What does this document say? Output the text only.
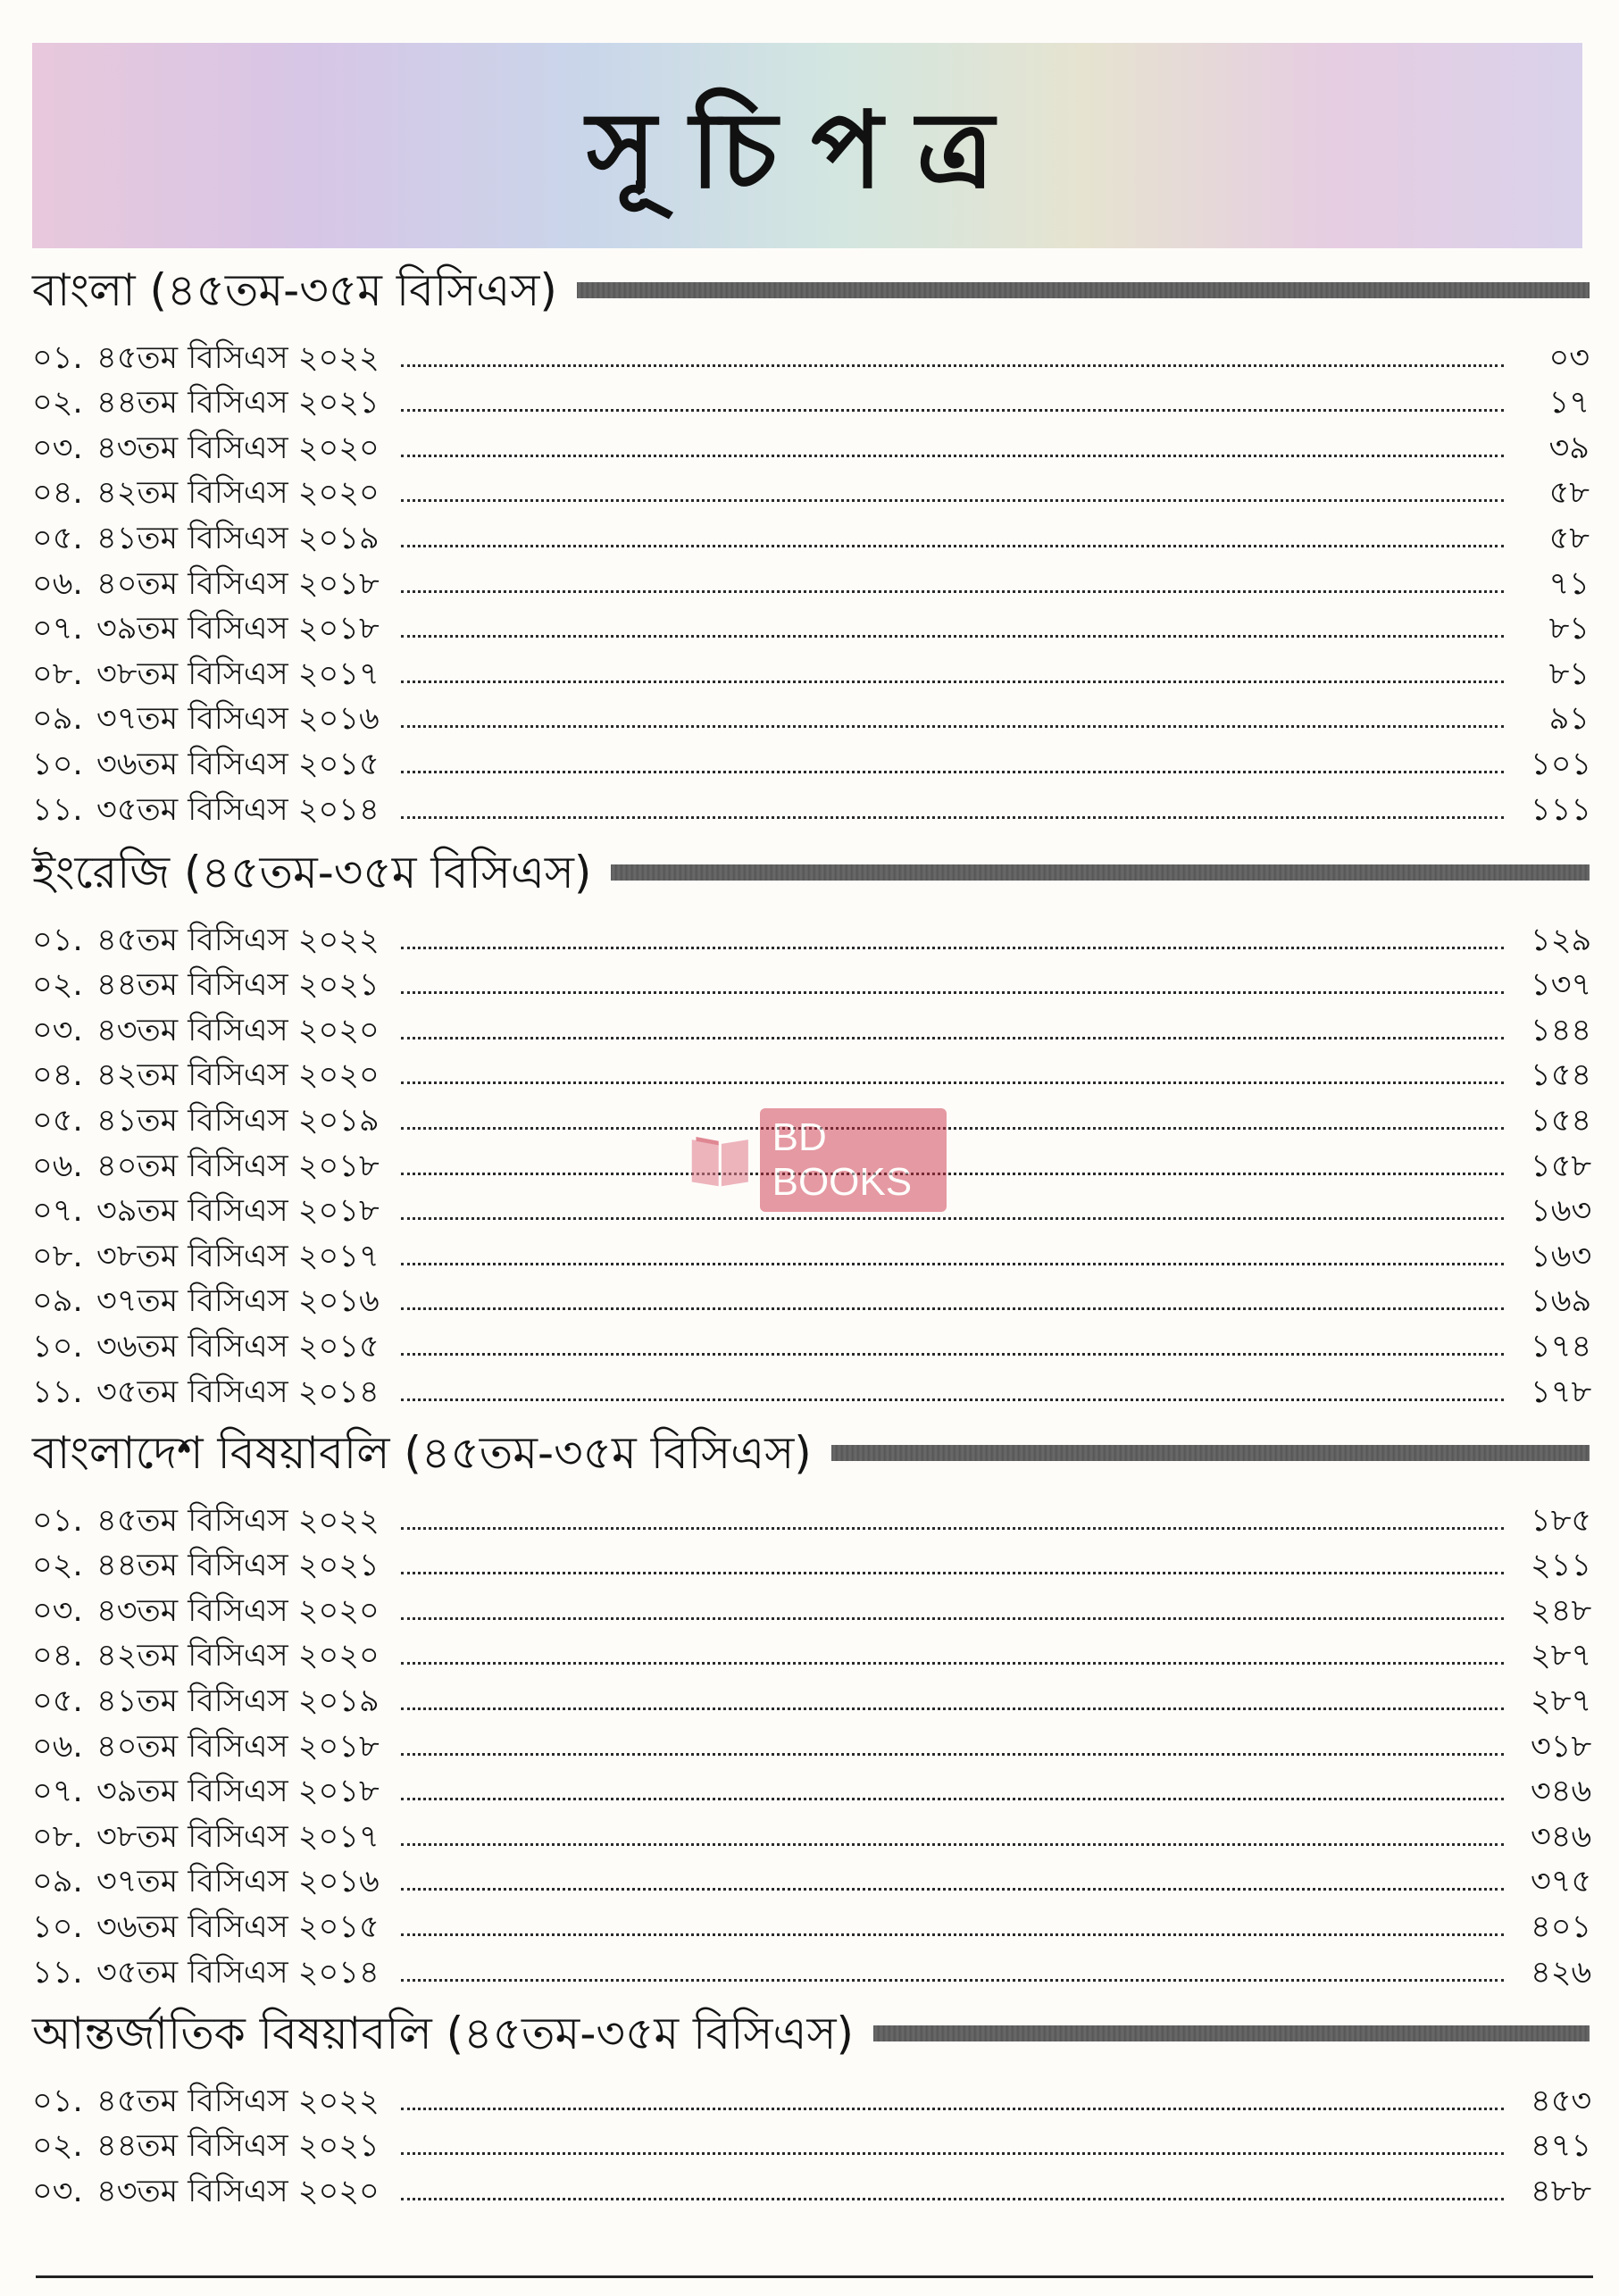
সূচিপত্র
বাংলা (৪৫তম-৩৫ম বিসিএস)
০১. ৪৫তম বিসিএস ২০২২	০৩
০২. ৪৪তম বিসিএস ২০২১	১৭
০৩. ৪৩তম বিসিএস ২০২০	৩৯
০৪. ৪২তম বিসিএস ২০২০	৫৮
০৫. ৪১তম বিসিএস ২০১৯	৫৮
০৬. ৪০তম বিসিএস ২০১৮	৭১
০৭. ৩৯তম বিসিএস ২০১৮	৮১
০৮. ৩৮তম বিসিএস ২০১৭	৮১
০৯. ৩৭তম বিসিএস ২০১৬	৯১
১০. ৩৬তম বিসিএস ২০১৫	১০১
১১. ৩৫তম বিসিএস ২০১৪	১১১
ইংরেজি (৪৫তম-৩৫ম বিসিএস)
০১. ৪৫তম বিসিএস ২০২২	১২৯
০২. ৪৪তম বিসিএস ২০২১	১৩৭
০৩. ৪৩তম বিসিএস ২০২০	১৪৪
০৪. ৪২তম বিসিএস ২০২০	১৫৪
০৫. ৪১তম বিসিএস ২০১৯	১৫৪
০৬. ৪০তম বিসিএস ২০১৮	১৫৮
০৭. ৩৯তম বিসিএস ২০১৮	১৬৩
০৮. ৩৮তম বিসিএস ২০১৭	১৬৩
০৯. ৩৭তম বিসিএস ২০১৬	১৬৯
১০. ৩৬তম বিসিএস ২০১৫	১৭৪
১১. ৩৫তম বিসিএস ২০১৪	১৭৮
বাংলাদেশ বিষয়াবলি (৪৫তম-৩৫ম বিসিএস)
০১. ৪৫তম বিসিএস ২০২২	১৮৫
০২. ৪৪তম বিসিএস ২০২১	২১১
০৩. ৪৩তম বিসিএস ২০২০	২৪৮
০৪. ৪২তম বিসিএস ২০২০	২৮৭
০৫. ৪১তম বিসিএস ২০১৯	২৮৭
০৬. ৪০তম বিসিএস ২০১৮	৩১৮
০৭. ৩৯তম বিসিএস ২০১৮	৩৪৬
০৮. ৩৮তম বিসিএস ২০১৭	৩৪৬
০৯. ৩৭তম বিসিএস ২০১৬	৩৭৫
১০. ৩৬তম বিসিএস ২০১৫	৪০১
১১. ৩৫তম বিসিএস ২০১৪	৪২৬
আন্তর্জাতিক বিষয়াবলি (৪৫তম-৩৫ম বিসিএস)
০১. ৪৫তম বিসিএস ২০২২	৪৫৩
০২. ৪৪তম বিসিএস ২০২১	৪৭১
০৩. ৪৩তম বিসিএস ২০২০	৪৮৮
BD BOOKS
